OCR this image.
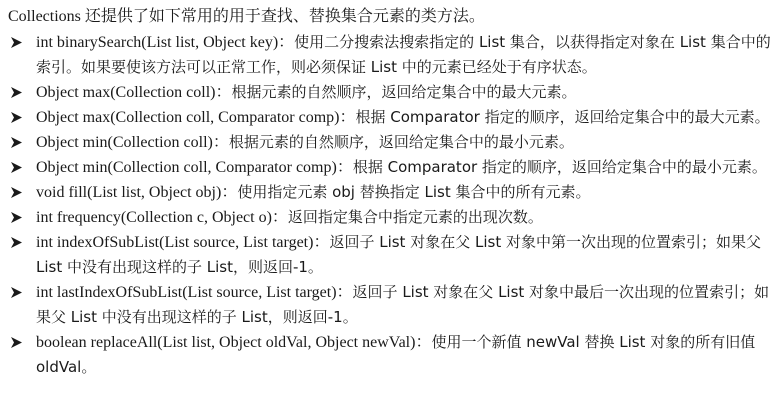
Collections 还提供了如下常用的用于查找、替换集合元素的类方法。

int binarySearch(List list, Object key)：使用二分搜索法搜索指定的 List 集合，以获得指定对象在 List 集合中的索引。如果要使该方法可以正常工作，则必须保证 List 中的元素已经处于有序状态。
Object max(Collection coll)：根据元素的自然顺序，返回给定集合中的最大元素。
Object max(Collection coll, Comparator comp)：根据 Comparator 指定的顺序，返回给定集合中的最大元素。
Object min(Collection coll)：根据元素的自然顺序，返回给定集合中的最小元素。
Object min(Collection coll, Comparator comp)：根据 Comparator 指定的顺序，返回给定集合中的最小元素。
void fill(List list, Object obj)：使用指定元素 obj 替换指定 List 集合中的所有元素。
int frequency(Collection c, Object o)：返回指定集合中指定元素的出现次数。
int indexOfSubList(List source, List target)：返回子 List 对象在父 List 对象中第一次出现的位置索引；如果父 List 中没有出现这样的子 List，则返回-1。
int lastIndexOfSubList(List source, List target)：返回子 List 对象在父 List 对象中最后一次出现的位置索引；如果父 List 中没有出现这样的子 List，则返回-1。
boolean replaceAll(List list, Object oldVal, Object newVal)：使用一个新值 newVal 替换 List 对象的所有旧值 oldVal。
